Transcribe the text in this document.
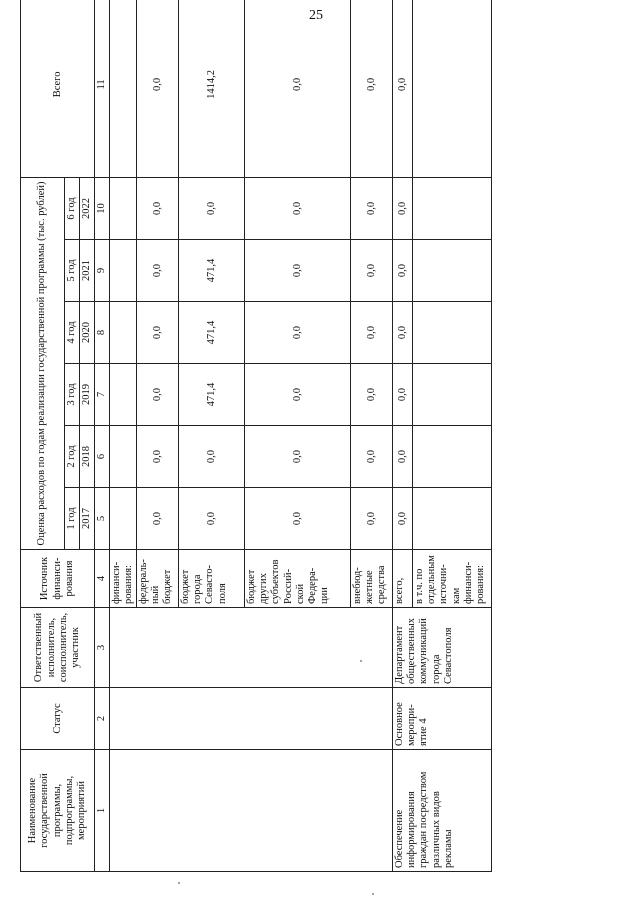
25
Наименование государственной программы, подпрограммы, мероприятий	Статус	Ответственный исполнитель, соисполнитель, участник	Источник финанси-рования	Оценка расходов по годам реализации государственной программы (тыс. рублей)						Всего
				1 год	2 год	3 год	4 год	5 год	6 год	
				2017	2018	2019	2020	2021	2022	
1	2	3	4	5	6	7	8	9	10	11
			финанси-рования:							
			федераль-ный бюджет	0,0	0,0	0,0	0,0	0,0	0,0	0,0
			бюджет города Севасто-поля	0,0	0,0	471,4	471,4	471,4	0,0	1414,2
			бюджет других субъектов Россий-ской Федера-ции	0,0	0,0	0,0	0,0	0,0	0,0	0,0
			внебюд-жетные средства	0,0	0,0	0,0	0,0	0,0	0,0	0,0
Обеспечение информирования граждан посредством различных видов рекламы	Основное меропри-ятие 4	Департамент общественных коммуникаций города Севастополя	всего,	0,0	0,0	0,0	0,0	0,0	0,0	0,0
			в т.ч. по отдельным источни-кам финанси-рования:							
